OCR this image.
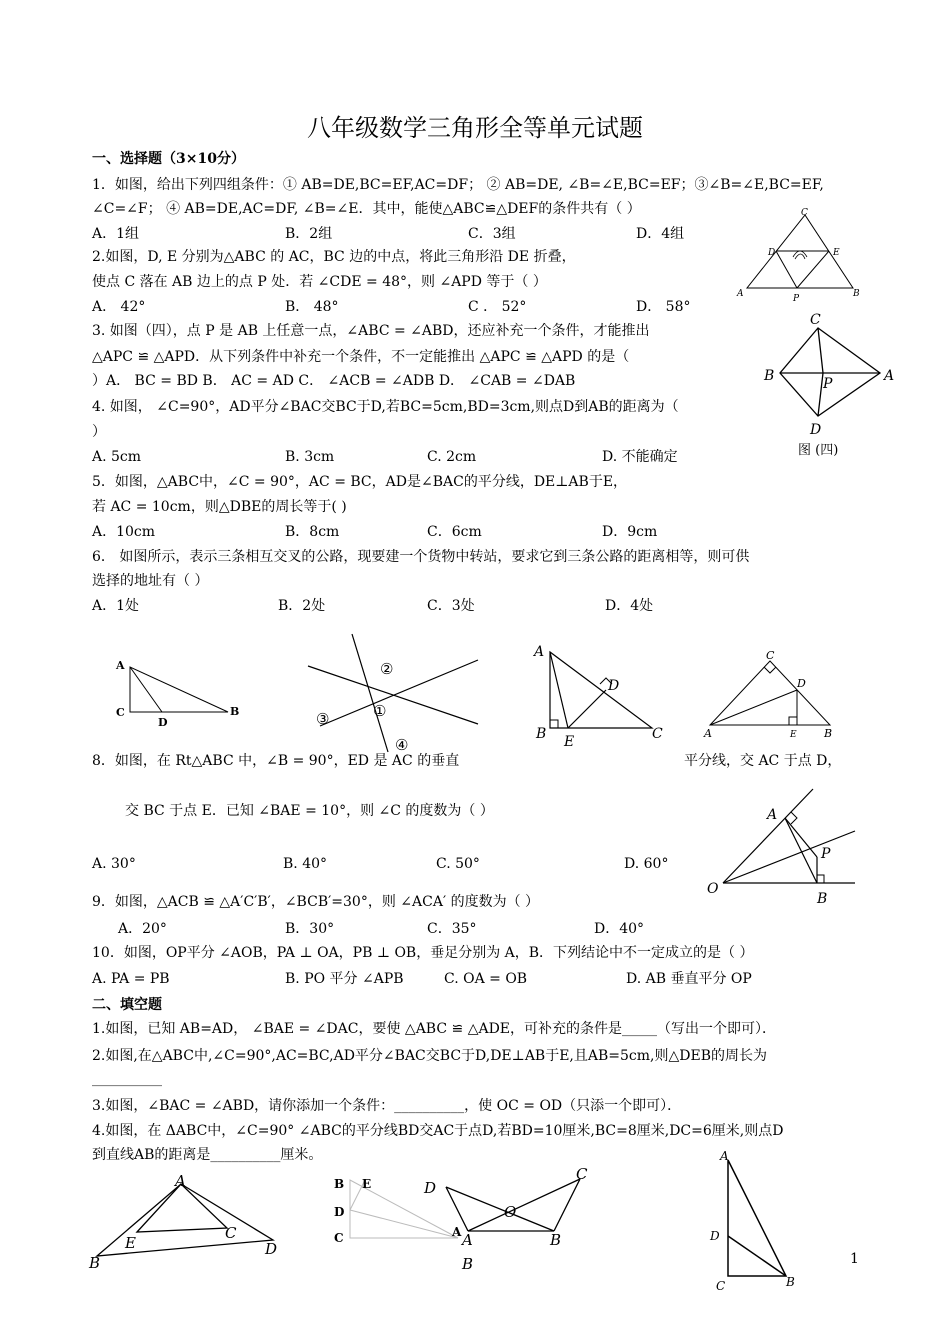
八年级数学三角形全等单元试题
一、选择题（3×10分）
1．如图，给出下列四组条件：① AB=DE,BC=EF,AC=DF； ② AB=DE, ∠B=∠E,BC=EF；③∠B=∠E,BC=EF,
∠C=∠F； ④ AB=DE,AC=DF, ∠B=∠E．其中，能使△ABC≌△DEF的条件共有（ ）
A．1组	B．2组	C．3组	D．4组
2.如图，D, E 分别为△ABC 的 AC，BC 边的中点，将此三角形沿 DE 折叠，
使点 C 落在 AB 边上的点 P 处．若 ∠CDE = 48°，则 ∠APD 等于（ ）
A． 42°	B． 48°	C ． 52°	D． 58°
3. 如图（四），点 P 是 AB 上任意一点，∠ABC = ∠ABD，还应补充一个条件，才能推出
△APC ≌ △APD．从下列条件中补充一个条件，不一定能推出 △APC ≌ △APD 的是（
）A． BC = BD B． AC = AD C． ∠ACB = ∠ADB D． ∠CAB = ∠DAB
4. 如图， ∠C=90°，AD平分∠BAC交BC于D,若BC=5cm,BD=3cm,则点D到AB的距离为（
）
A. 5cm	B. 3cm	C. 2cm	D. 不能确定
5．如图，△ABC中，∠C = 90°，AC = BC，AD是∠BAC的平分线，DE⊥AB于E，
若 AC = 10cm，则△DBE的周长等于( )
A．10cm	B．8cm	C．6cm	D．9cm
6． 如图所示，表示三条相互交叉的公路，现要建一个货物中转站，要求它到三条公路的距离相等，则可供
选择的地址有（ ）
A．1处	B．2处	C．3处	D．4处
8．如图，在 Rt△ABC 中，∠B = 90°，ED 是 AC 的垂直	平分线，交 AC 于点 D，
交 BC 于点 E．已知 ∠BAE = 10°，则 ∠C 的度数为（ ）
A. 30°	B. 40°	C. 50°	D. 60°
9．如图，△ACB ≌ △A′C′B′，∠BCB′=30°，则 ∠ACA′ 的度数为（ ）
A．20°	B．30°	C．35°	D．40°
10．如图，OP平分 ∠AOB，PA ⊥ OA，PB ⊥ OB，垂足分别为 A，B．下列结论中不一定成立的是（ ）
A. PA = PB	B. PO 平分 ∠APB	C. OA = OB	D. AB 垂直平分 OP
二、填空题
1.如图，已知 AB=AD， ∠BAE = ∠DAC，要使 △ABC ≌ △ADE，可补充的条件是_____（写出一个即可）．
2.如图,在△ABC中,∠C=90°,AC=BC,AD平分∠BAC交BC于D,DE⊥AB于E,且AB=5cm,则△DEB的周长为
__________
3.如图，∠BAC = ∠ABD，请你添加一个条件：__________，使 OC = OD（只添一个即可）．
4.如图，在 ΔABC中，∠C=90° ∠ABC的平分线BD交AC于点D,若BD=10厘米,BC=8厘米,DC=6厘米,则点D
到直线AB的距离是__________厘米。
1
C
D	E
A	B
P
C
B	A
P
D
图 (四)
A
C
D
B
②
①
③
④
A
B E
D
C
C
D
A	E B
A
P
O
B
A
B
E
C
D
B E
D
C	A
D
C
O
A	B
B
A
D
C	B
